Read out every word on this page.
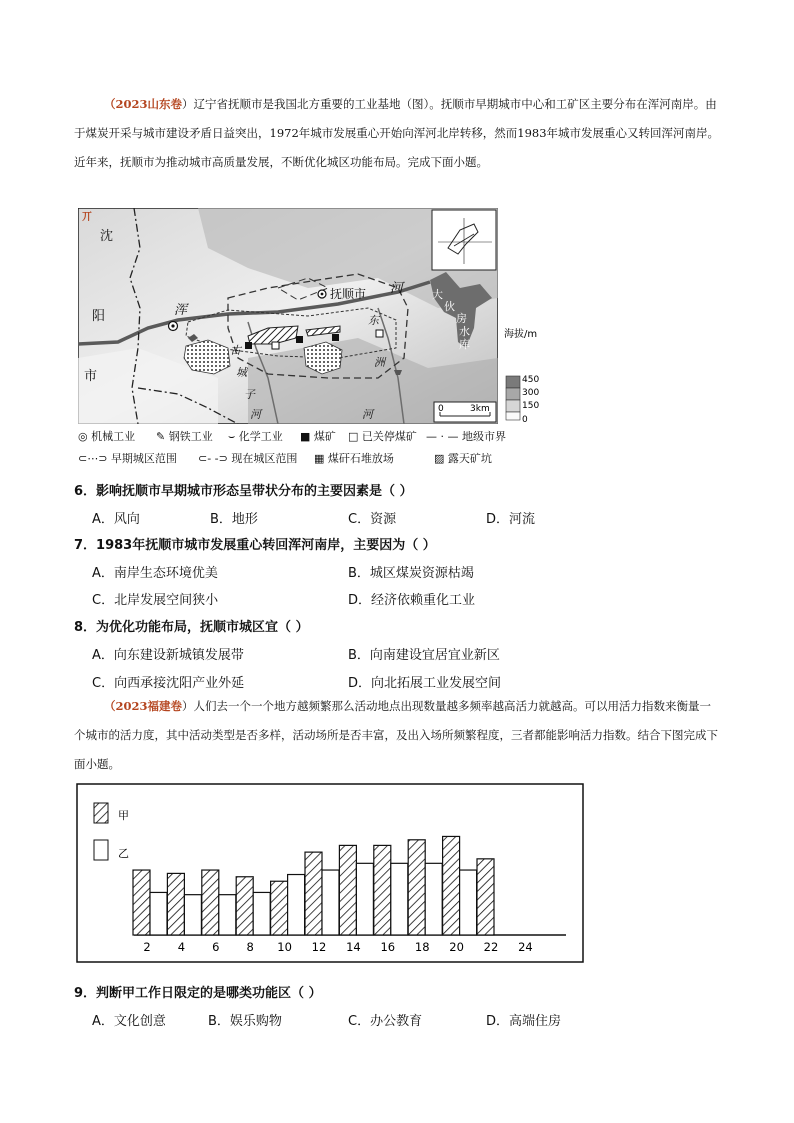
（2023山东卷）辽宁省抚顺市是我国北方重要的工业基地（图）。抚顺市早期城市中心和工矿区主要分布在浑河南岸。由于煤炭开采与城市建设矛盾日益突出，1972年城市发展重心开始向浑河北岸转移，然而1983年城市发展重心又转回浑河南岸。近年来，抚顺市为推动城市高质量发展，不断优化城区功能布局。完成下面小题。

大
伙
房
水
库
沈
阳
市
抚顺市
浑
河
东
洲
河
古
城
子
河
丌
0	3km
海拔/m
450
300
150
0
◎ 机械工业 ✎ 钢铁工业 ⌣ 化学工业 ■ 煤矿 □ 已关停煤矿 — · — 地级市界
⊂⋯⊃ 早期城区范围 ⊂- -⊃ 现在城区范围 ▦ 煤矸石堆放场	▨ 露天矿坑

6．影响抚顺市早期城市形态呈带状分布的主要因素是（ ）

A．风向	B．地形	C．资源	D．河流

7．1983年抚顺市城市发展重心转回浑河南岸，主要因为（ ）

A．南岸生态环境优美	B．城区煤炭资源枯竭

C．北岸发展空间狭小	D．经济依赖重化工业

8．为优化功能布局，抚顺市城区宜（ ）

A．向东建设新城镇发展带	B．向南建设宜居宜业新区

C．向西承接沈阳产业外延	D．向北拓展工业发展空间

（2023福建卷）人们去一个一个地方越频繁那么活动地点出现数量越多频率越高活力就越高。可以用活力指数来衡量一个城市的活力度，其中活动类型是否多样，活动场所是否丰富，及出入场所频繁程度，三者都能影响活力指数。结合下图完成下面小题。

甲
乙
2 4 6 8 10 12 14 16 18 20 22 24

9．判断甲工作日限定的是哪类功能区（ ）

A．文化创意	B．娱乐购物	C．办公教育	D．高端住房
